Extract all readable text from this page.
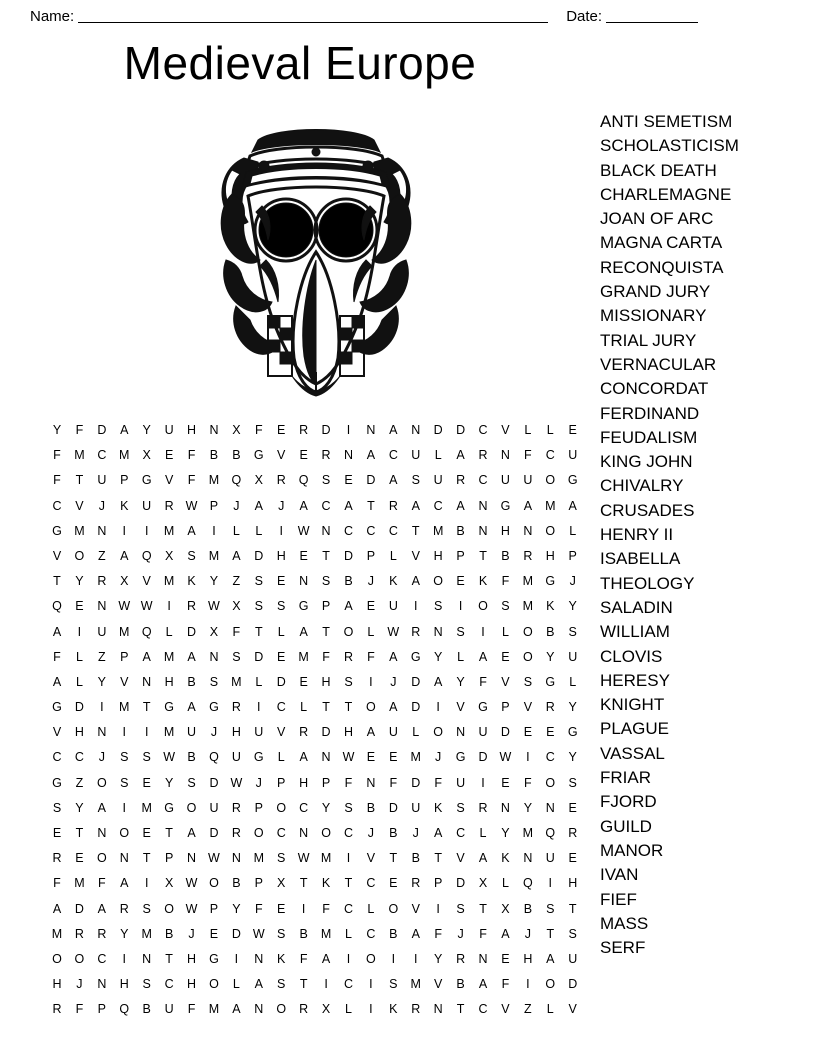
Name:	Date:
Medieval Europe
Y F D A Y U H N X F E R D	I	N A N D D C V L L E
F M C M X E F B B G V E R N A C U L A R N F C U
F T U P G V F M Q X R Q S E D A S U R C U U O G
C V	J	K U R W P	J	A	J	A C A T R A C A N G A M A
G M N	I	I	M A	I	L L	I	W N C C C T M B N H N O L
V O Z A Q X S M A D H E T D P L V H P T B R H P
T Y R X V M K Y Z S E N S B	J	K A O E K F M G	J
Q E N W W	I	R W X S S G P A E U	I	S	I	O S M K Y
A	I	U M Q L D X F T L A T O L W R N S	I	L O B S
F L Z P A M A N S D E M F R F A G Y L A E O Y U
A L Y V N H B S M L D E H S	I	J	D A Y F V S G L
G D	I	M T G A G R	I	C L T T O A D	I	V G P V R Y
V H N	I	I	M U	J	H U V R D H A U L O N U D E E G
C C	J	S S W B Q U G L A N W E E M	J	G D W	I	C Y
G Z O S E Y S D W	J	P H P F N F D F U	I	E F O S
S Y A	I	M G O U R P O C Y S B D U K S R N Y N E
E T N O E T A D R O C N O C	J	B	J	A C L Y M Q R
R E O N T P N W N M S W M	I	V T B T V A K N U E
F M F A	I	X W O B P X T K T C E R P D X L Q	I	H
A D A R S O W P Y F E	I	F C L O V	I	S T X B S T
M R R Y M B	J	E D W S B M L C B A F	J	F A	J	T S
O O C	I	N T H G	I	N K F A	I	O	I	I	Y R N E H A U
H	J	N H S C H O L A S T	I	C	I	S M V B A F	I	O D
R F P Q B U F M A N O R X L	I	K R N T C V Z L V
ANTI SEMETISM
SCHOLASTICISM
BLACK DEATH
CHARLEMAGNE
JOAN OF ARC
MAGNA CARTA
RECONQUISTA
GRAND JURY
MISSIONARY
TRIAL JURY
VERNACULAR
CONCORDAT
FERDINAND
FEUDALISM
KING JOHN
CHIVALRY
CRUSADES
HENRY II
ISABELLA
THEOLOGY
SALADIN
WILLIAM
CLOVIS
HERESY
KNIGHT
PLAGUE
VASSAL
FRIAR
FJORD
GUILD
MANOR
IVAN
FIEF
MASS
SERF
